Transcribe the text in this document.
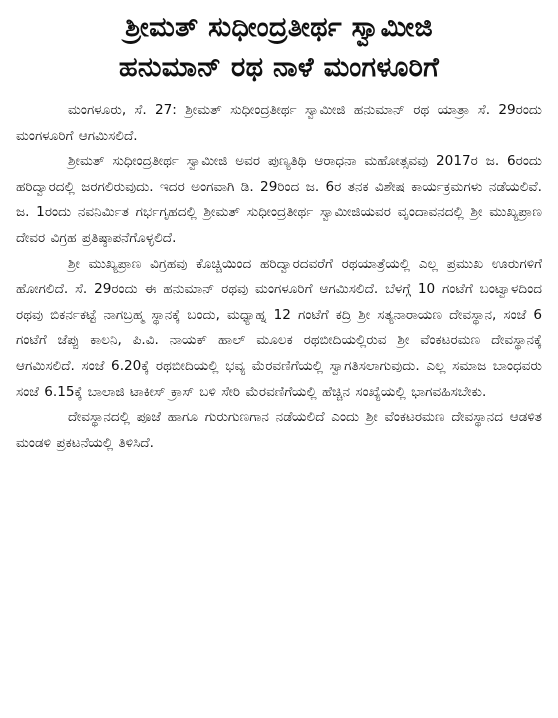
ಶ್ರೀಮತ್ ಸುಧೀಂದ್ರತೀರ್ಥ ಸ್ವಾಮೀಜಿ
ಹನುಮಾನ್ ರಥ ನಾಳೆ ಮಂಗಳೂರಿಗೆ

ಮಂಗಳೂರು, ಸೆ. 27: ಶ್ರೀಮತ್ ಸುಧೀಂದ್ರತೀರ್ಥ ಸ್ವಾಮೀಜಿ ಹನುಮಾನ್ ರಥ ಯಾತ್ರಾ ಸೆ. 29ರಂದು ಮಂಗಳೂರಿಗೆ ಆಗಮಿಸಲಿದೆ.

ಶ್ರೀಮತ್ ಸುಧೀಂದ್ರತೀರ್ಥ ಸ್ವಾಮೀಜಿ ಅವರ ಪುಣ್ಯತಿಥಿ ಆರಾಧನಾ ಮಹೋತ್ಸವವು 2017ರ ಜ. 6ರಂದು ಹರಿದ್ವಾರದಲ್ಲಿ ಜರಗಲಿರುವುದು. ಇದರ ಅಂಗವಾಗಿ ಡಿ. 29ರಿಂದ ಜ. 6ರ ತನಕ ವಿಶೇಷ ಕಾರ್ಯಕ್ರಮಗಳು ನಡೆಯಲಿವೆ. ಜ. 1ರಂದು ನವನಿರ್ಮಿತ ಗರ್ಭಗೃಹದಲ್ಲಿ ಶ್ರೀಮತ್ ಸುಧೀಂದ್ರತೀರ್ಥ ಸ್ವಾಮೀಜಿಯವರ ವೃಂದಾವನದಲ್ಲಿ ಶ್ರೀ ಮುಖ್ಯಪ್ರಾಣ ದೇವರ ವಿಗ್ರಹ ಪ್ರತಿಷ್ಠಾಪನೆಗೊಳ್ಳಲಿದೆ.

ಶ್ರೀ ಮುಖ್ಯಪ್ರಾಣ ವಿಗ್ರಹವು ಕೊಚ್ಚಿಯಿಂದ ಹರಿದ್ವಾರದವರೆಗೆ ರಥಯಾತ್ರೆಯಲ್ಲಿ ಎಲ್ಲ ಪ್ರಮುಖ ಊರುಗಳಿಗೆ ಹೋಗಲಿದೆ. ಸೆ. 29ರಂದು ಈ ಹನುಮಾನ್ ರಥವು ಮಂಗಳೂರಿಗೆ ಆಗಮಿಸಲಿದೆ. ಬೆಳಗ್ಗೆ 10 ಗಂಟೆಗೆ ಬಂಟ್ವಾಳದಿಂದ ರಥವು ಬಿಕರ್ನಕಟ್ಟೆ ನಾಗಬ್ರಹ್ಮ ಸ್ಥಾನಕ್ಕೆ ಬಂದು, ಮಧ್ಯಾಹ್ನ 12 ಗಂಟೆಗೆ ಕದ್ರಿ ಶ್ರೀ ಸತ್ಯನಾರಾಯಣ ದೇವಸ್ಥಾನ, ಸಂಜೆ 6 ಗಂಟೆಗೆ ಜೆಪ್ಪು ಕಾಲನಿ, ಪಿ.ವಿ. ನಾಯಕ್ ಹಾಲ್ ಮೂಲಕ ರಥಬೀದಿಯಲ್ಲಿರುವ ಶ್ರೀ ವೆಂಕಟರಮಣ ದೇವಸ್ಥಾನಕ್ಕೆ ಆಗಮಿಸಲಿದೆ. ಸಂಜೆ 6.20ಕ್ಕೆ ರಥಬೀದಿಯಲ್ಲಿ ಭವ್ಯ ಮೆರವಣಿಗೆಯಲ್ಲಿ ಸ್ವಾಗತಿಸಲಾಗುವುದು. ಎಲ್ಲ ಸಮಾಜ ಬಾಂಧವರು ಸಂಜೆ 6.15ಕ್ಕೆ ಬಾಲಾಜಿ ಟಾಕೀಸ್ ಕ್ರಾಸ್ ಬಳಿ ಸೇರಿ ಮೆರವಣಿಗೆಯಲ್ಲಿ ಹೆಚ್ಚಿನ ಸಂಖ್ಯೆಯಲ್ಲಿ ಭಾಗವಹಿಸಬೇಕು.

ದೇವಸ್ಥಾನದಲ್ಲಿ ಪೂಜೆ ಹಾಗೂ ಗುರುಗುಣಗಾನ ನಡೆಯಲಿದೆ ಎಂದು ಶ್ರೀ ವೆಂಕಟರಮಣ ದೇವಸ್ಥಾನದ ಆಡಳಿತ ಮಂಡಳಿ ಪ್ರಕಟನೆಯಲ್ಲಿ ತಿಳಿಸಿದೆ.
